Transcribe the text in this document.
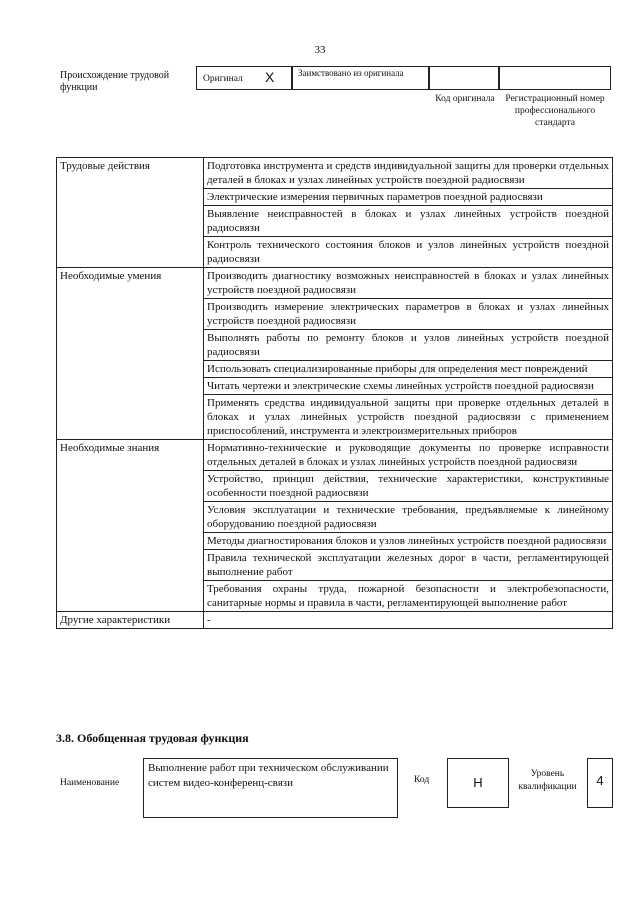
33
Происхождение трудовой функции
Оригинал X	Заимствовано из оригинала
Код оригинала	Регистрационный номер профессионального стандарта
Трудовые действия	Подготовка инструмента и средств индивидуальной защиты для проверки отдельных деталей в блоках и узлах линейных устройств поездной радиосвязи
	Электрические измерения первичных параметров поездной радиосвязи
	Выявление неисправностей в блоках и узлах линейных устройств поездной радиосвязи
	Контроль технического состояния блоков и узлов линейных устройств поездной радиосвязи
Необходимые умения	Производить диагностику возможных неисправностей в блоках и узлах линейных устройств поездной радиосвязи
	Производить измерение электрических параметров в блоках и узлах линейных устройств поездной радиосвязи
	Выполнять работы по ремонту блоков и узлов линейных устройств поездной радиосвязи
	Использовать специализированные приборы для определения мест повреждений
	Читать чертежи и электрические схемы линейных устройств поездной радиосвязи
	Применять средства индивидуальной защиты при проверке отдельных деталей в блоках и узлах линейных устройств поездной радиосвязи с применением приспособлений, инструмента и электроизмерительных приборов
Необходимые знания	Нормативно-технические и руководящие документы по проверке исправности отдельных деталей в блоках и узлах линейных устройств поездной радиосвязи
	Устройство, принцип действия, технические характеристики, конструктивные особенности поездной радиосвязи
	Условия эксплуатации и технические требования, предъявляемые к линейному оборудованию поездной радиосвязи
	Методы диагностирования блоков и узлов линейных устройств поездной радиосвязи
	Правила технической эксплуатации железных дорог в части, регламентирующей выполнение работ
	Требования охраны труда, пожарной безопасности и электробезопасности, санитарные нормы и правила в части, регламентирующей выполнение работ
Другие характеристики	-
3.8. Обобщенная трудовая функция
Наименование
Выполнение работ при техническом обслуживании систем видео-конференц-связи	Код	H
Уровень квалификации	4
